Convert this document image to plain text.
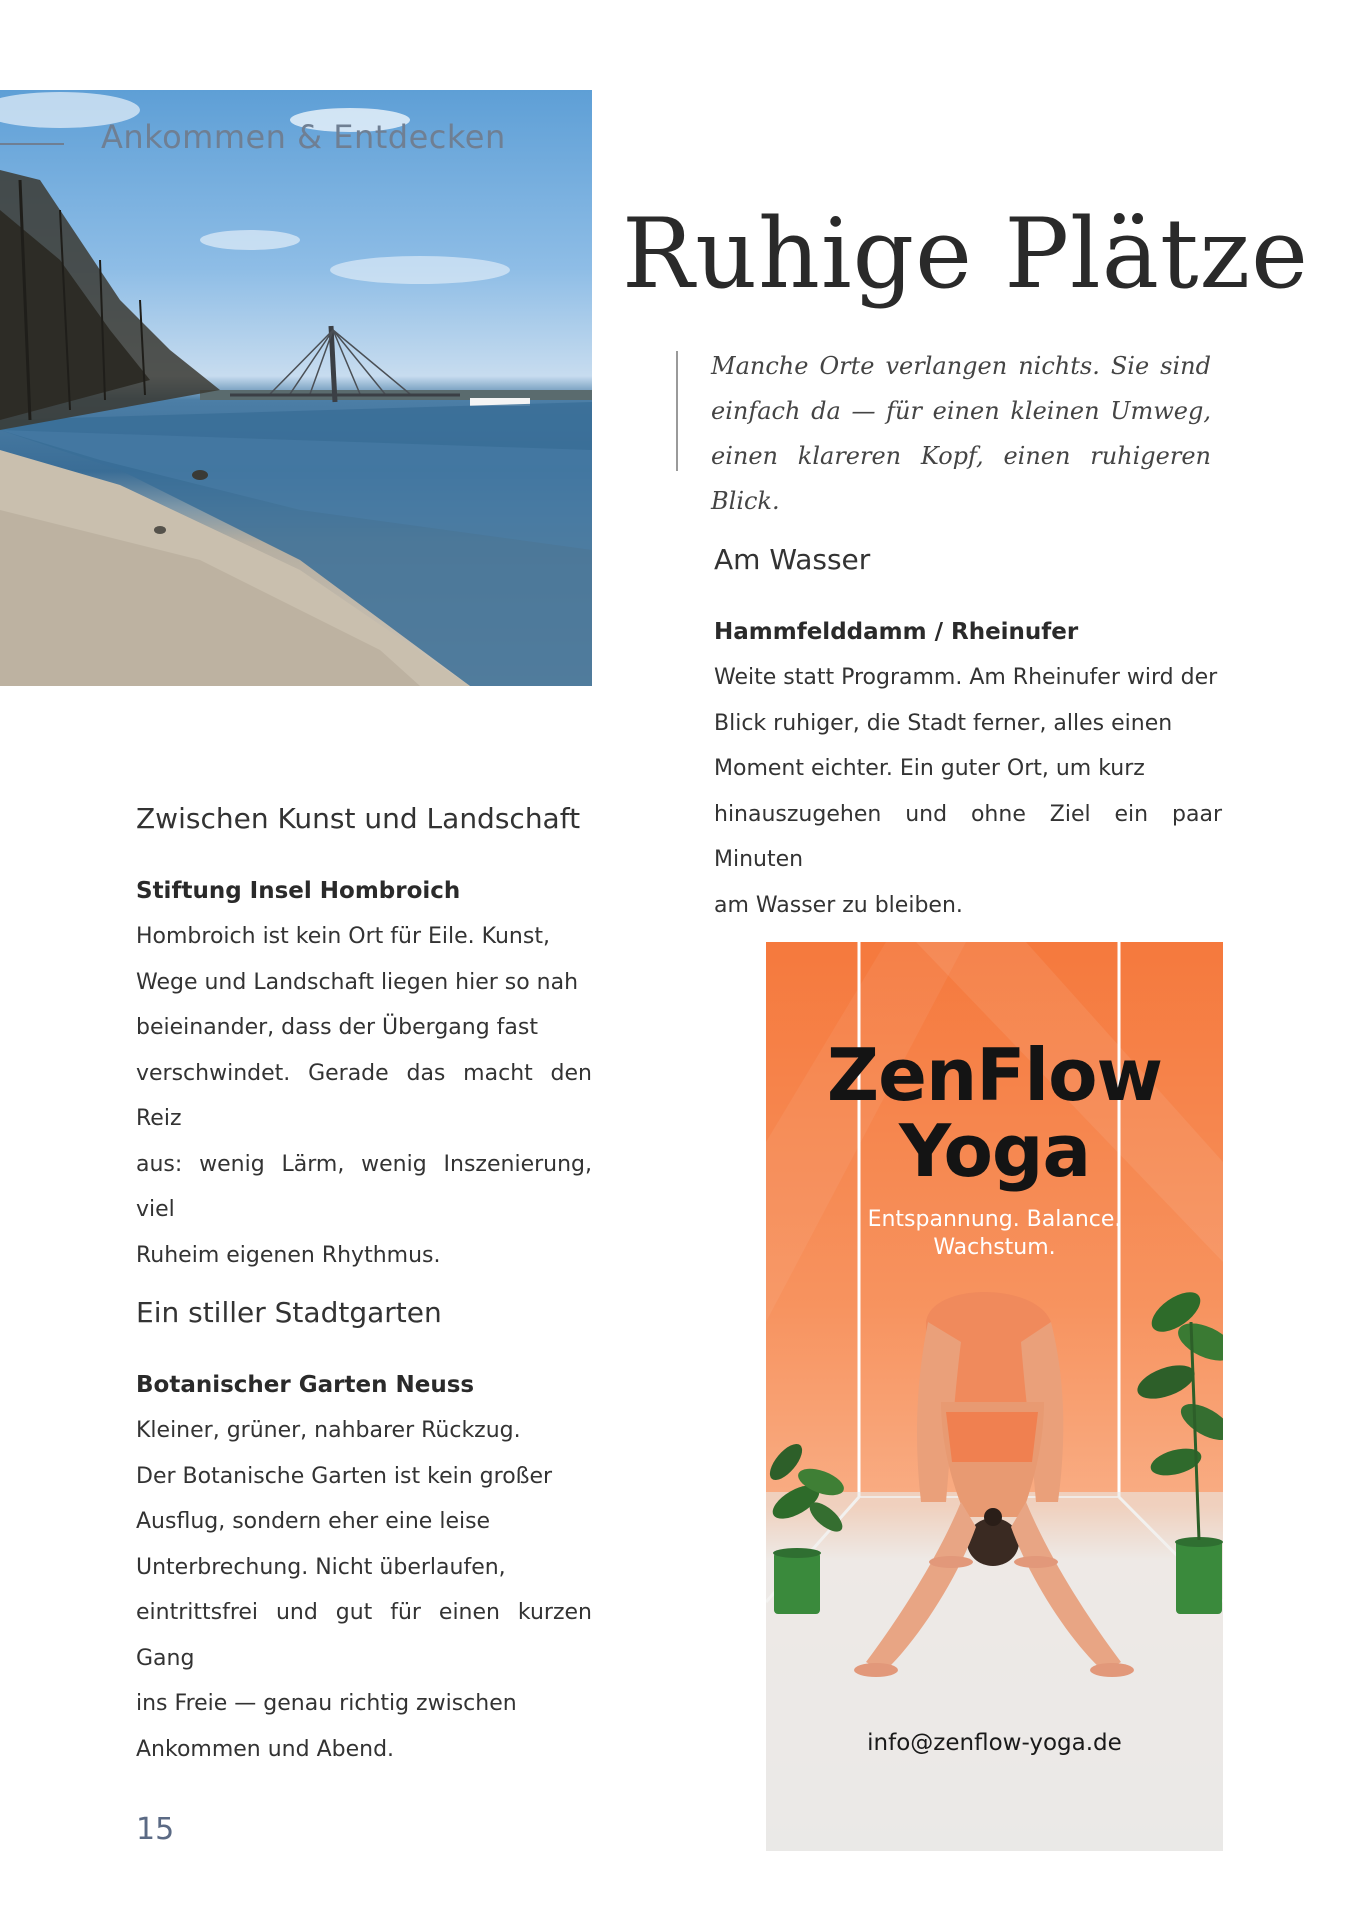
Ankommen & Entdecken
Ruhige Plätze
Manche Orte verlangen nichts. Sie sind einfach da — für einen kleinen Umweg, einen klareren Kopf, einen ruhigeren Blick.
Am Wasser
Hammfelddamm / Rheinufer
Weite statt Programm. Am Rheinufer wird der
Blick ruhiger, die Stadt ferner, alles einen
Moment eichter. Ein guter Ort, um kurz
hinauszugehen und ohne Ziel ein paar Minuten
am Wasser zu bleiben.
Zwischen Kunst und Landschaft
Stiftung Insel Hombroich
Hombroich ist kein Ort für Eile. Kunst,
Wege und Landschaft liegen hier so nah
beieinander, dass der Übergang fast
verschwindet. Gerade das macht den Reiz
aus: wenig Lärm, wenig Inszenierung, viel
Ruheim eigenen Rhythmus.
Ein stiller Stadtgarten
Botanischer Garten Neuss
Kleiner, grüner, nahbarer Rückzug.
Der Botanische Garten ist kein großer
Ausflug, sondern eher eine leise
Unterbrechung. Nicht überlaufen,
eintrittsfrei und gut für einen kurzen Gang
ins Freie — genau richtig zwischen
Ankommen und Abend.
ZenFlow
Yoga
Entspannung. Balance.
Wachstum.
info@zenflow-yoga.de
15
